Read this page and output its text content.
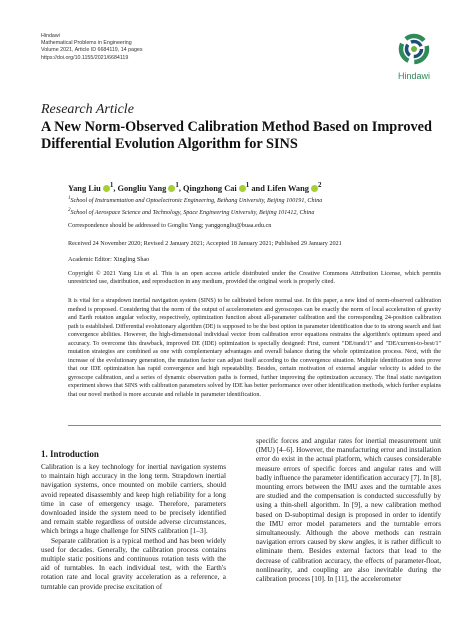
Hindawi
Mathematical Problems in Engineering
Volume 2021, Article ID 6684119, 14 pages
https://doi.org/10.1155/2021/6684119
Hindawi
Research Article
A New Norm-Observed Calibration Method Based on Improved Differential Evolution Algorithm for SINS
Yang Liu $^1$, Gongliu Yang $^1$, Qingzhong Cai $^1$ and Lifen Wang $^2$
$^1$School of Instrumentation and Optoelectronic Engineering, Beihang University, Beijing 100191, China
$^2$School of Aerospace Science and Technology, Space Engineering University, Beijing 101412, China
Correspondence should be addressed to Gongliu Yang; yanggongliu@buaa.edu.cn
Received 24 November 2020; Revised 2 January 2021; Accepted 18 January 2021; Published 29 January 2021
Academic Editor: Xingling Shao
Copyright © 2021 Yang Liu et al. This is an open access article distributed under the Creative Commons Attribution License, which permits unrestricted use, distribution, and reproduction in any medium, provided the original work is properly cited.
It is vital for a strapdown inertial navigation system (SINS) to be calibrated before normal use. In this paper, a new kind of norm-observed calibration method is proposed. Considering that the norm of the output of accelerometers and gyroscopes can be exactly the norm of local acceleration of gravity and Earth rotation angular velocity, respectively, optimization function about all-parameter calibration and the corresponding 24-position calibration path is established. Differential evolutionary algorithm (DE) is supposed to be the best option in parameter identification due to its strong search and fast convergence abilities. However, the high-dimensional individual vector from calibration error equations restrains the algorithm's optimum speed and accuracy. To overcome this drawback, improved DE (IDE) optimization is specially designed: First, current "DE/rand/1" and "DE/current-to-best/1" mutation strategies are combined as one with complementary advantages and overall balance during the whole optimization process. Next, with the increase of the evolutionary generation, the mutation factor can adjust itself according to the convergence situation. Multiple identification tests prove that our IDE optimization has rapid convergence and high repeatability. Besides, certain motivation of external angular velocity is added to the gyroscope calibration, and a series of dynamic observation paths is formed, further improving the optimization accuracy. The final static navigation experiment shows that SINS with calibration parameters solved by IDE has better performance over other identification methods, which further explains that our novel method is more accurate and reliable in parameter identification.
1. Introduction

Calibration is a key technology for inertial navigation systems to maintain high accuracy in the long term. Strapdown inertial navigation systems, once mounted on mobile carriers, should avoid repeated disassembly and keep high reliability for a long time in case of emergency usage. Therefore, parameters downloaded inside the system need to be precisely identified and remain stable regardless of outside adverse circumstances, which brings a huge challenge for SINS calibration [1–3].

Separate calibration is a typical method and has been widely used for decades. Generally, the calibration process contains multiple static positions and continuous rotation tests with the aid of turntables. In each individual test, with the Earth's rotation rate and local gravity acceleration as a reference, a turntable can provide precise excitation of

specific forces and angular rates for inertial measurement unit (IMU) [4–6]. However, the manufacturing error and installation error do exist in the actual platform, which causes considerable measure errors of specific forces and angular rates and will badly influence the parameter identification accuracy [7]. In [8], mounting errors between the IMU axes and the turntable axes are studied and the compensation is conducted successfully by using a thin-shell algorithm. In [9], a new calibration method based on D-suboptimal design is proposed in order to identify the IMU error model parameters and the turntable errors simultaneously. Although the above methods can restrain navigation errors caused by skew angles, it is rather difficult to eliminate them. Besides external factors that lead to the decrease of calibration accuracy, the effects of parameter-float, nonlinearity, and coupling are also inevitable during the calibration process [10]. In [11], the accelerometer
